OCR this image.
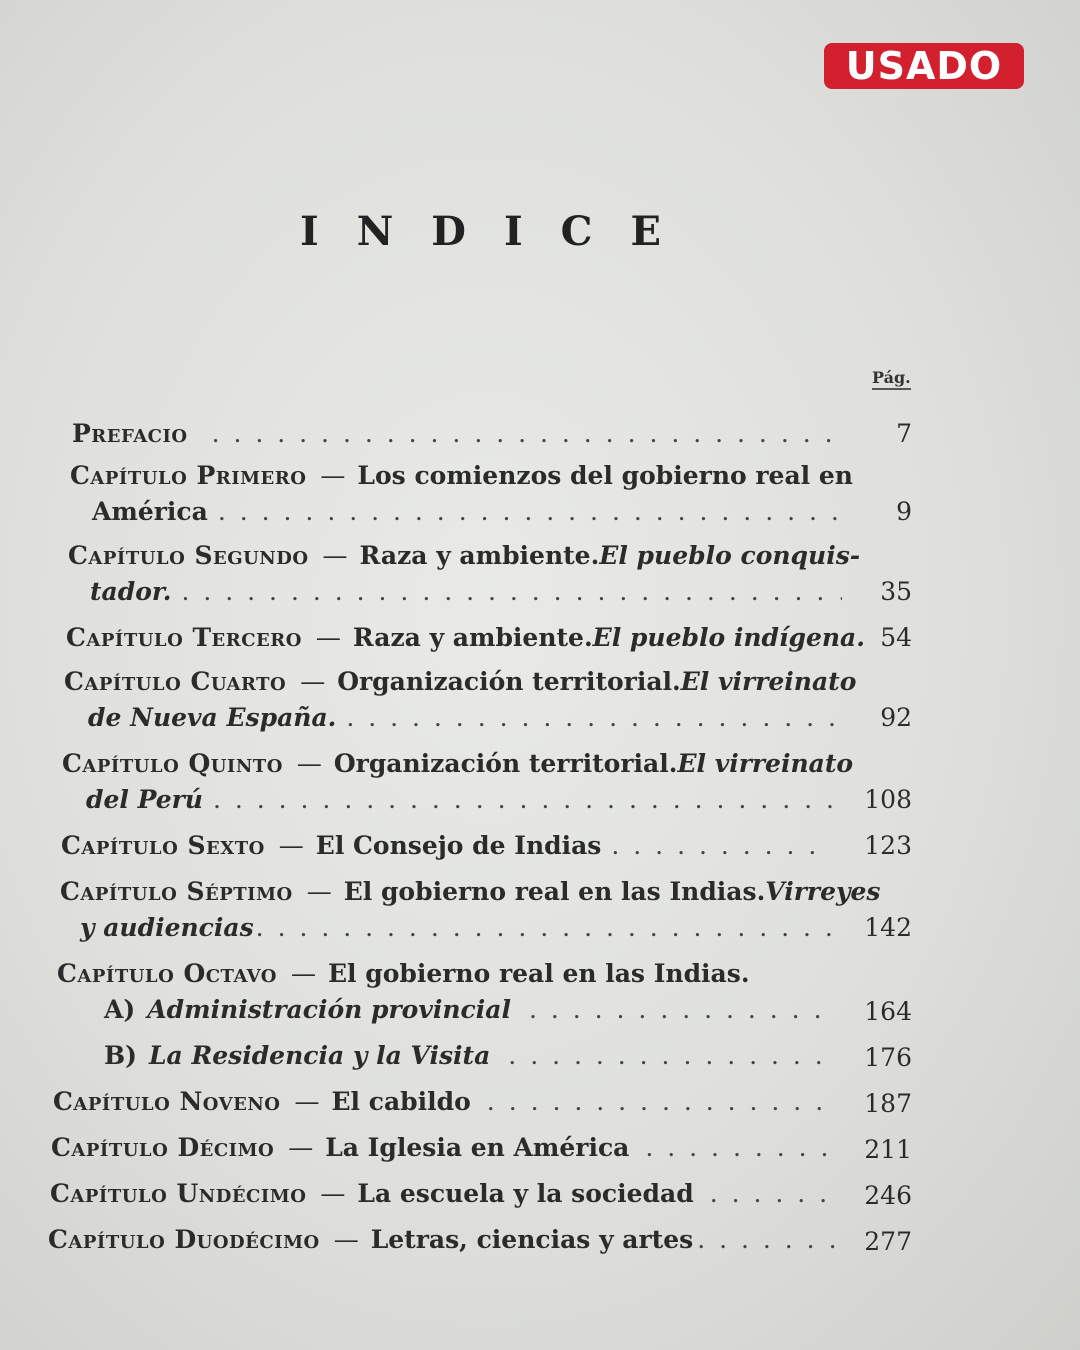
USADO
INDICE
Pág.
Prefacio . . .	7
Capítulo Primero — Los comienzos del gobierno real en
América . . .	9
Capítulo Segundo — Raza y ambiente. El pueblo conquis-
tador. . . .	35
Capítulo Tercero — Raza y ambiente. El pueblo indígena. 54
Capítulo Cuarto — Organización territorial. El virreinato
de Nueva España. . . .	92
Capítulo Quinto — Organización territorial. El virreinato
del Perú . . .	108
Capítulo Sexto — El Consejo de Indias . . .	123
Capítulo Séptimo — El gobierno real en las Indias. Virreyes
y audiencias . . .	142
Capítulo Octavo — El gobierno real en las Indias.
A) Administración provincial . . .	164
B) La Residencia y la Visita . . .	176
Capítulo Noveno — El cabildo . . .	187
Capítulo Décimo — La Iglesia en América . . .	211
Capítulo Undécimo — La escuela y la sociedad . . .	246
Capítulo Duodécimo — Letras, ciencias y artes . . .	277
